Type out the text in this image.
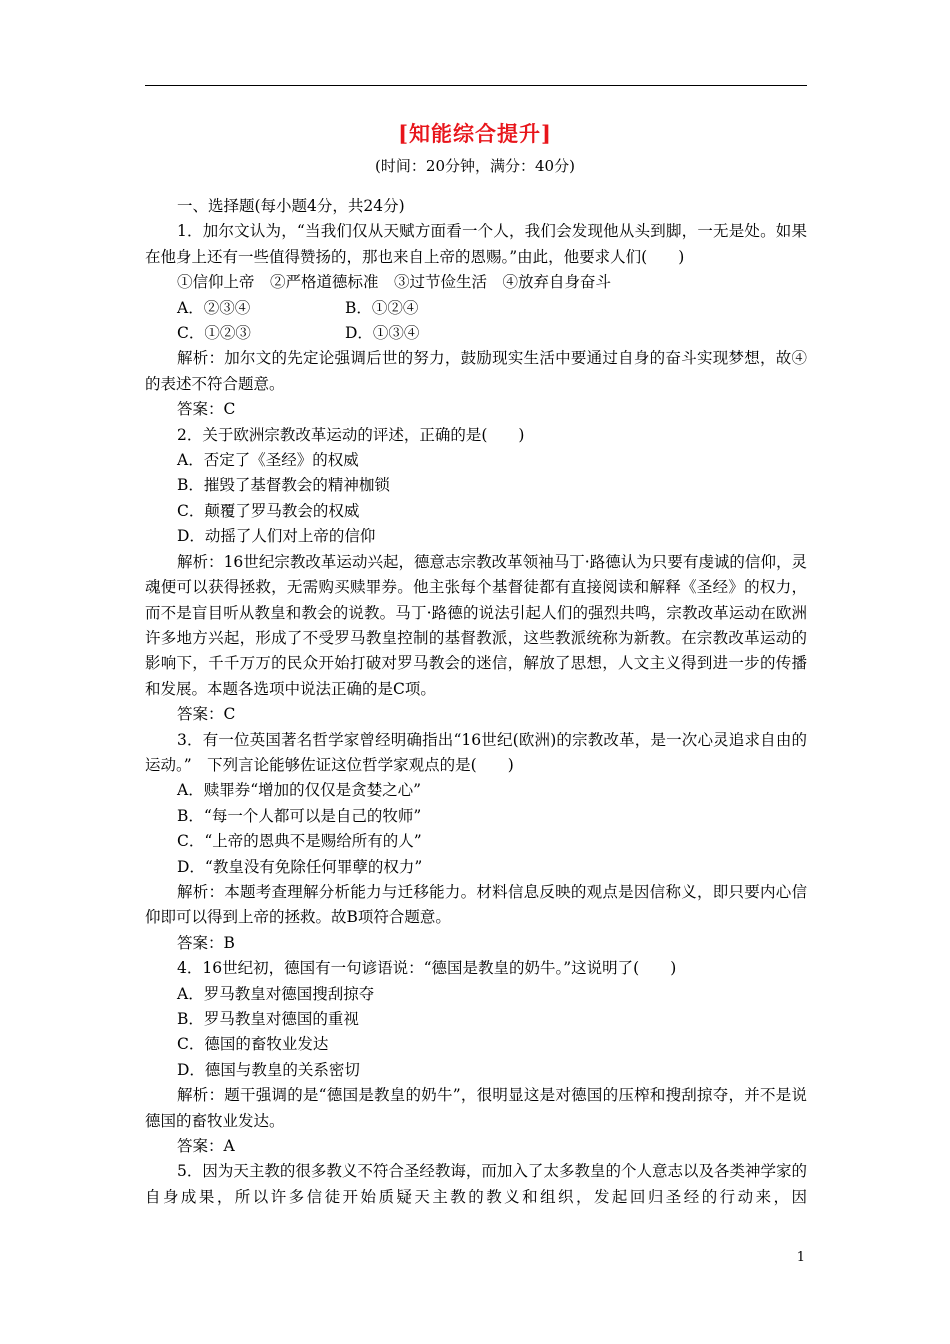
[知能综合提升]
(时间：20分钟，满分：40分)

一、选择题(每小题4分，共24分)

1．加尔文认为，“当我们仅从天赋方面看一个人，我们会发现他从头到脚，一无是处。如果在他身上还有一些值得赞扬的，那也来自上帝的恩赐。”由此，他要求人们(　　)

①信仰上帝　②严格道德标准　③过节俭生活　④放弃自身奋斗

A．②③④	B．①②④
C．①②③	D．①③④

解析：加尔文的先定论强调后世的努力，鼓励现实生活中要通过自身的奋斗实现梦想，故④的表述不符合题意。

答案：C

2．关于欧洲宗教改革运动的评述，正确的是(　　)

A．否定了《圣经》的权威

B．摧毁了基督教会的精神枷锁

C．颠覆了罗马教会的权威

D．动摇了人们对上帝的信仰

解析：16世纪宗教改革运动兴起，德意志宗教改革领袖马丁·路德认为只要有虔诚的信仰，灵魂便可以获得拯救，无需购买赎罪券。他主张每个基督徒都有直接阅读和解释《圣经》的权力，而不是盲目听从教皇和教会的说教。马丁·路德的说法引起人们的强烈共鸣，宗教改革运动在欧洲许多地方兴起，形成了不受罗马教皇控制的基督教派，这些教派统称为新教。在宗教改革运动的影响下，千千万万的民众开始打破对罗马教会的迷信，解放了思想，人文主义得到进一步的传播和发展。本题各选项中说法正确的是C项。

答案：C

3．有一位英国著名哲学家曾经明确指出“16世纪(欧洲)的宗教改革，是一次心灵追求自由的运动。”　下列言论能够佐证这位哲学家观点的是(　　)

A．赎罪券“增加的仅仅是贪婪之心”

B．“每一个人都可以是自己的牧师”

C．“上帝的恩典不是赐给所有的人”

D．“教皇没有免除任何罪孽的权力”

解析：本题考查理解分析能力与迁移能力。材料信息反映的观点是因信称义，即只要内心信仰即可以得到上帝的拯救。故B项符合题意。

答案：B

4．16世纪初，德国有一句谚语说：“德国是教皇的奶牛。”这说明了(　　)

A．罗马教皇对德国搜刮掠夺

B．罗马教皇对德国的重视

C．德国的畜牧业发达

D．德国与教皇的关系密切

解析：题干强调的是“德国是教皇的奶牛”，很明显这是对德国的压榨和搜刮掠夺，并不是说德国的畜牧业发达。

答案：A

5．因为天主教的很多教义不符合圣经教诲，而加入了太多教皇的个人意志以及各类神学家的自身成果，所以许多信徒开始质疑天主教的教义和组织，发起回归圣经的行动来，因

1
